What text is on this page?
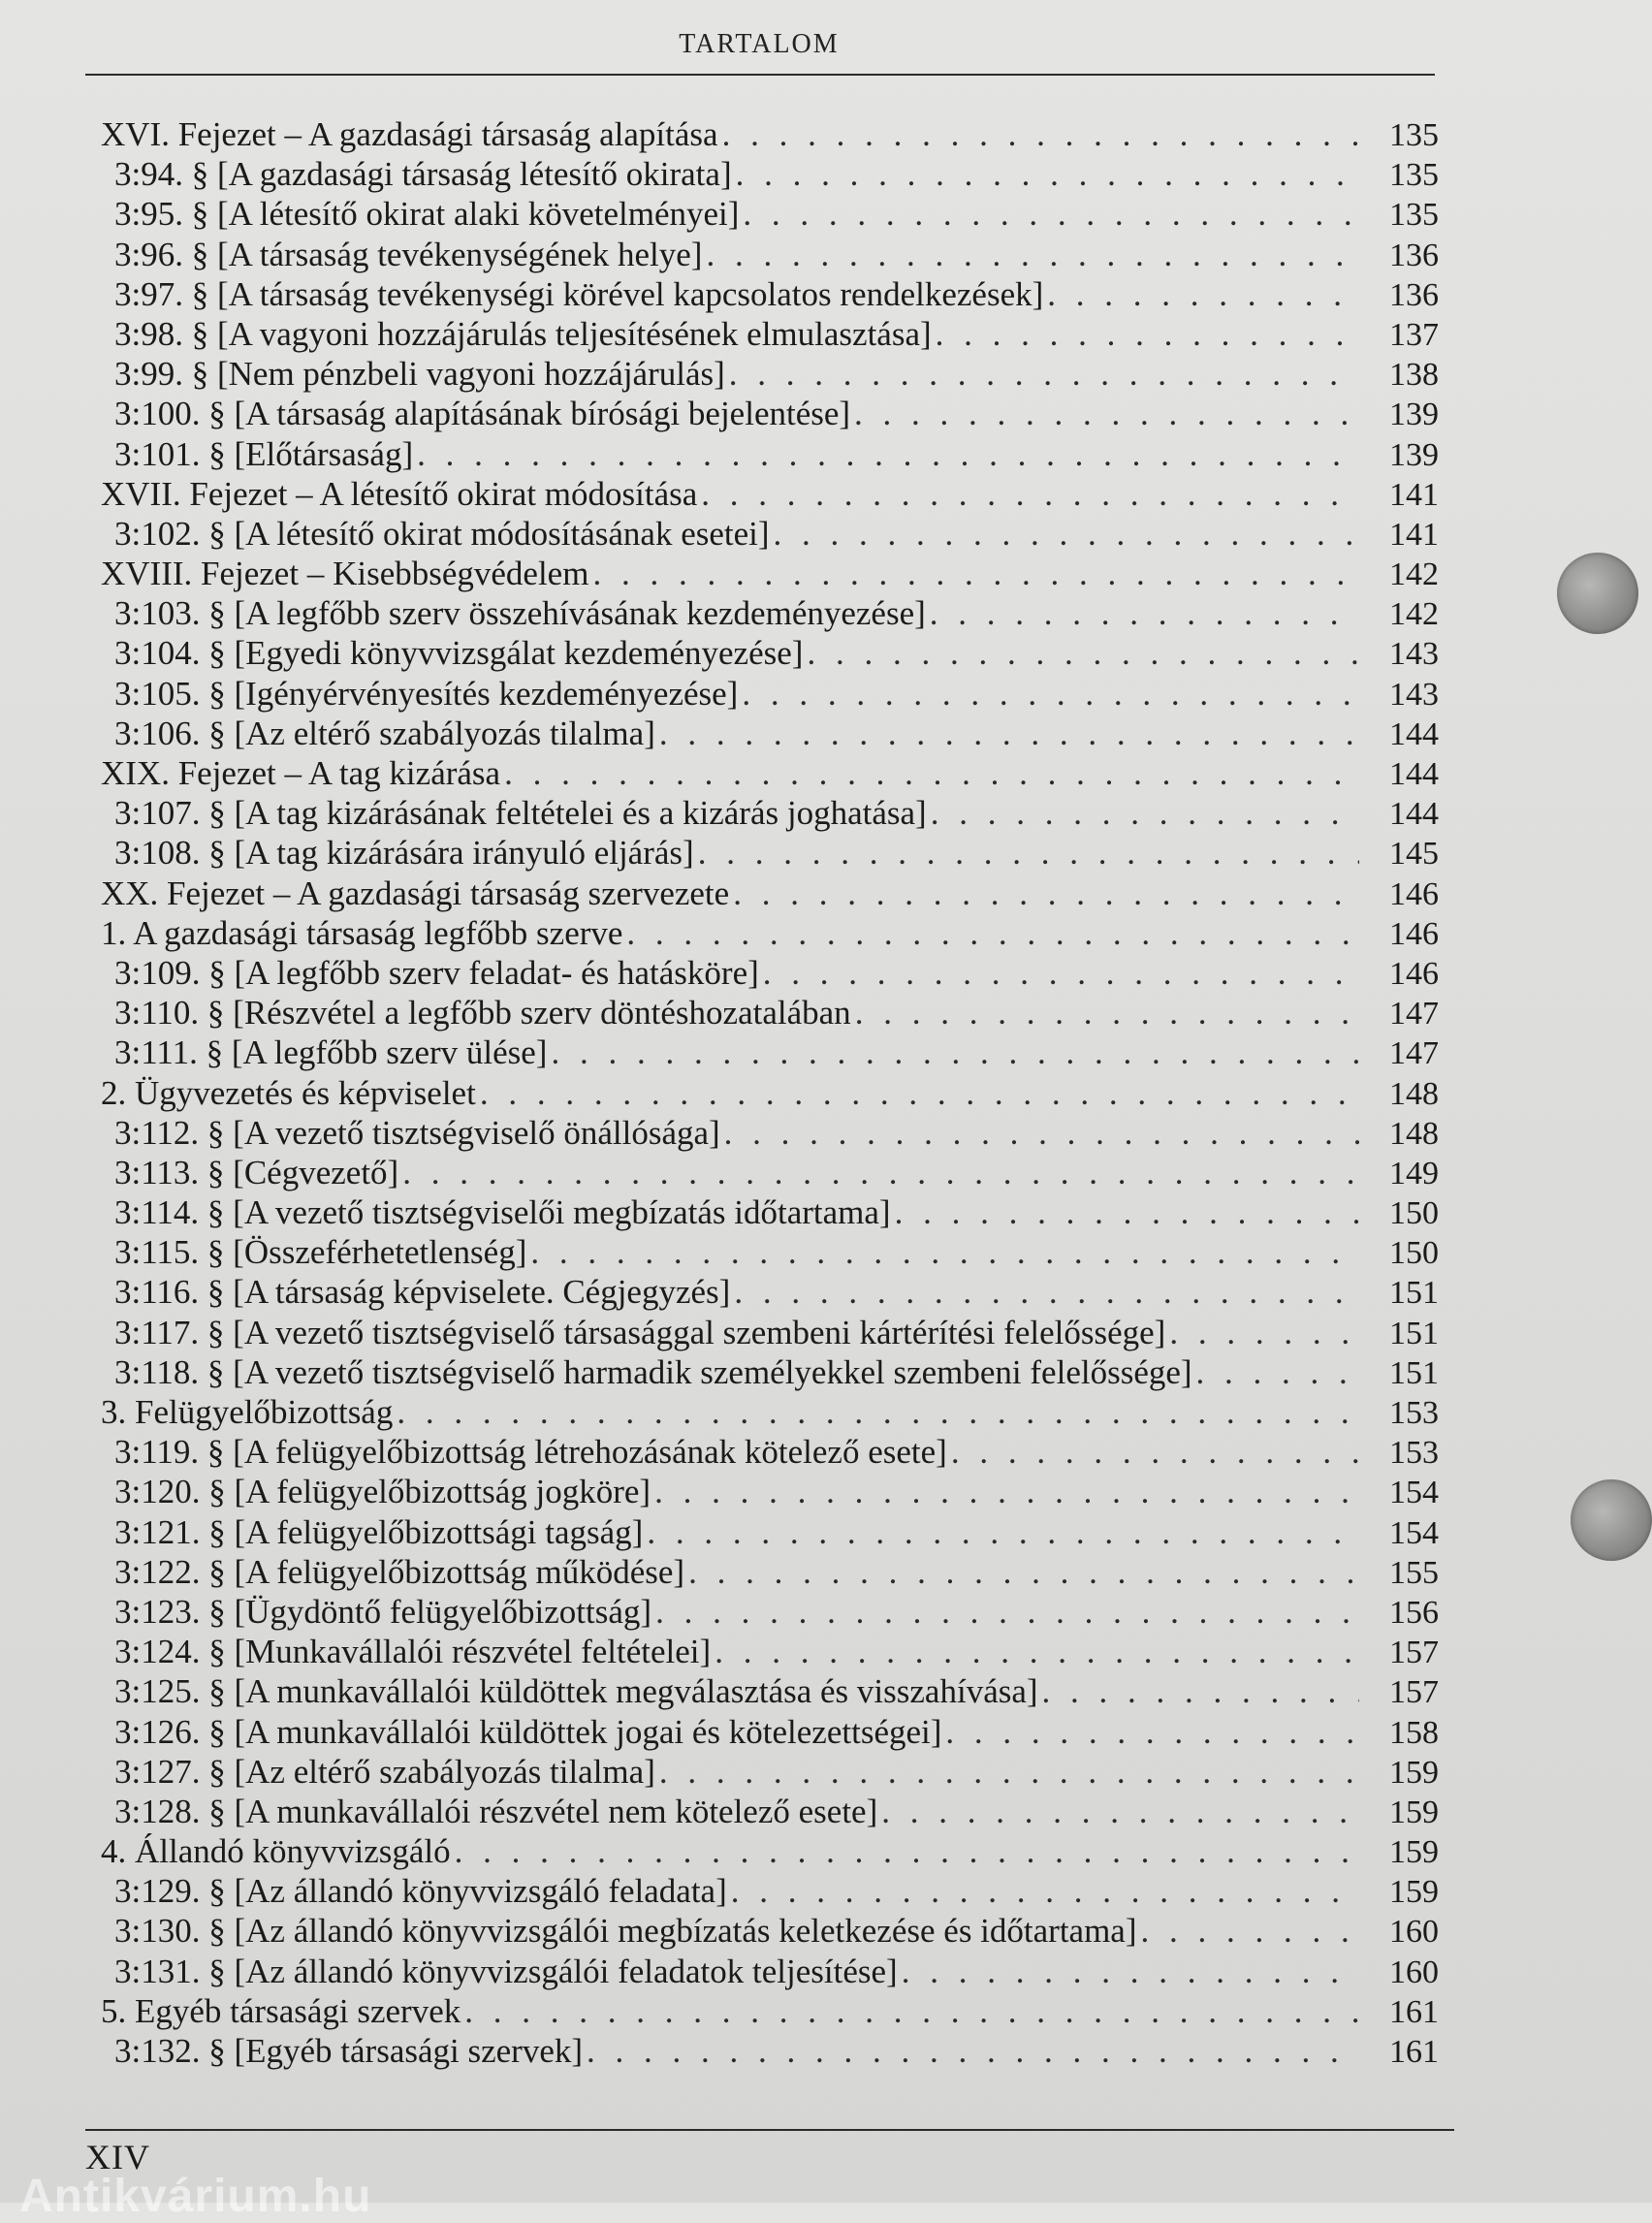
TARTALOM
XVI. Fejezet – A gazdasági társaság alapítása . . .	135
3:94. § [A gazdasági társaság létesítő okirata] . . .	135
3:95. § [A létesítő okirat alaki követelményei] . . .	135
3:96. § [A társaság tevékenységének helye] . . .	136
3:97. § [A társaság tevékenységi körével kapcsolatos rendelkezések] . . .	136
3:98. § [A vagyoni hozzájárulás teljesítésének elmulasztása] . . .	137
3:99. § [Nem pénzbeli vagyoni hozzájárulás] . . .	138
3:100. § [A társaság alapításának bírósági bejelentése] . . .	139
3:101. § [Előtársaság] . . .	139
XVII. Fejezet – A létesítő okirat módosítása . . .	141
3:102. § [A létesítő okirat módosításának esetei] . . .	141
XVIII. Fejezet – Kisebbségvédelem . . .	142
3:103. § [A legfőbb szerv összehívásának kezdeményezése] . . .	142
3:104. § [Egyedi könyvvizsgálat kezdeményezése] . . .	143
3:105. § [Igényérvényesítés kezdeményezése] . . .	143
3:106. § [Az eltérő szabályozás tilalma] . . .	144
XIX. Fejezet – A tag kizárása . . .	144
3:107. § [A tag kizárásának feltételei és a kizárás joghatása] . . .	144
3:108. § [A tag kizárására irányuló eljárás] . . .	145
XX. Fejezet – A gazdasági társaság szervezete . . .	146
1. A gazdasági társaság legfőbb szerve . . .	146
3:109. § [A legfőbb szerv feladat- és hatásköre] . . .	146
3:110. § [Részvétel a legfőbb szerv döntéshozatalában . . .	147
3:111. § [A legfőbb szerv ülése] . . .	147
2. Ügyvezetés és képviselet . . .	148
3:112. § [A vezető tisztségviselő önállósága] . . .	148
3:113. § [Cégvezető] . . .	149
3:114. § [A vezető tisztségviselői megbízatás időtartama] . . .	150
3:115. § [Összeférhetetlenség] . . .	150
3:116. § [A társaság képviselete. Cégjegyzés] . . .	151
3:117. § [A vezető tisztségviselő társasággal szembeni kártérítési felelőssége] . . .	151
3:118. § [A vezető tisztségviselő harmadik személyekkel szembeni felelőssége] . . .	151
3. Felügyelőbizottság . . .	153
3:119. § [A felügyelőbizottság létrehozásának kötelező esete] . . .	153
3:120. § [A felügyelőbizottság jogköre] . . .	154
3:121. § [A felügyelőbizottsági tagság] . . .	154
3:122. § [A felügyelőbizottság működése] . . .	155
3:123. § [Ügydöntő felügyelőbizottság] . . .	156
3:124. § [Munkavállalói részvétel feltételei] . . .	157
3:125. § [A munkavállalói küldöttek megválasztása és visszahívása] . . .	157
3:126. § [A munkavállalói küldöttek jogai és kötelezettségei] . . .	158
3:127. § [Az eltérő szabályozás tilalma] . . .	159
3:128. § [A munkavállalói részvétel nem kötelező esete] . . .	159
4. Állandó könyvvizsgáló . . .	159
3:129. § [Az állandó könyvvizsgáló feladata] . . .	159
3:130. § [Az állandó könyvvizsgálói megbízatás keletkezése és időtartama] . . .	160
3:131. § [Az állandó könyvvizsgálói feladatok teljesítése] . . .	160
5. Egyéb társasági szervek . . .	161
3:132. § [Egyéb társasági szervek] . . .	161
XIV
Antikvárium.hu
